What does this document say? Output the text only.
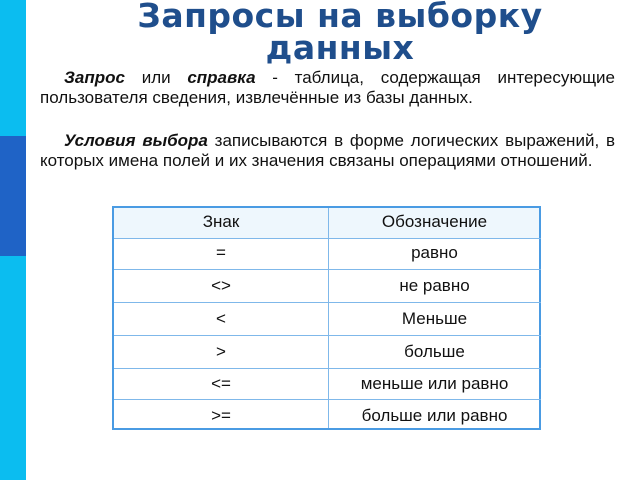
Запросы на выборку данных

Запрос или справка - таблица, содержащая интересующие пользователя сведения, извлечённые из базы данных.

Условия выбора записываются в форме логических выражений, в которых имена полей и их значения связаны операциями отношений.

Знак	Обозначение
=
<>
<
>
<=
>=
равно
не равно
Меньше
больше
меньше или равно
больше или равно
